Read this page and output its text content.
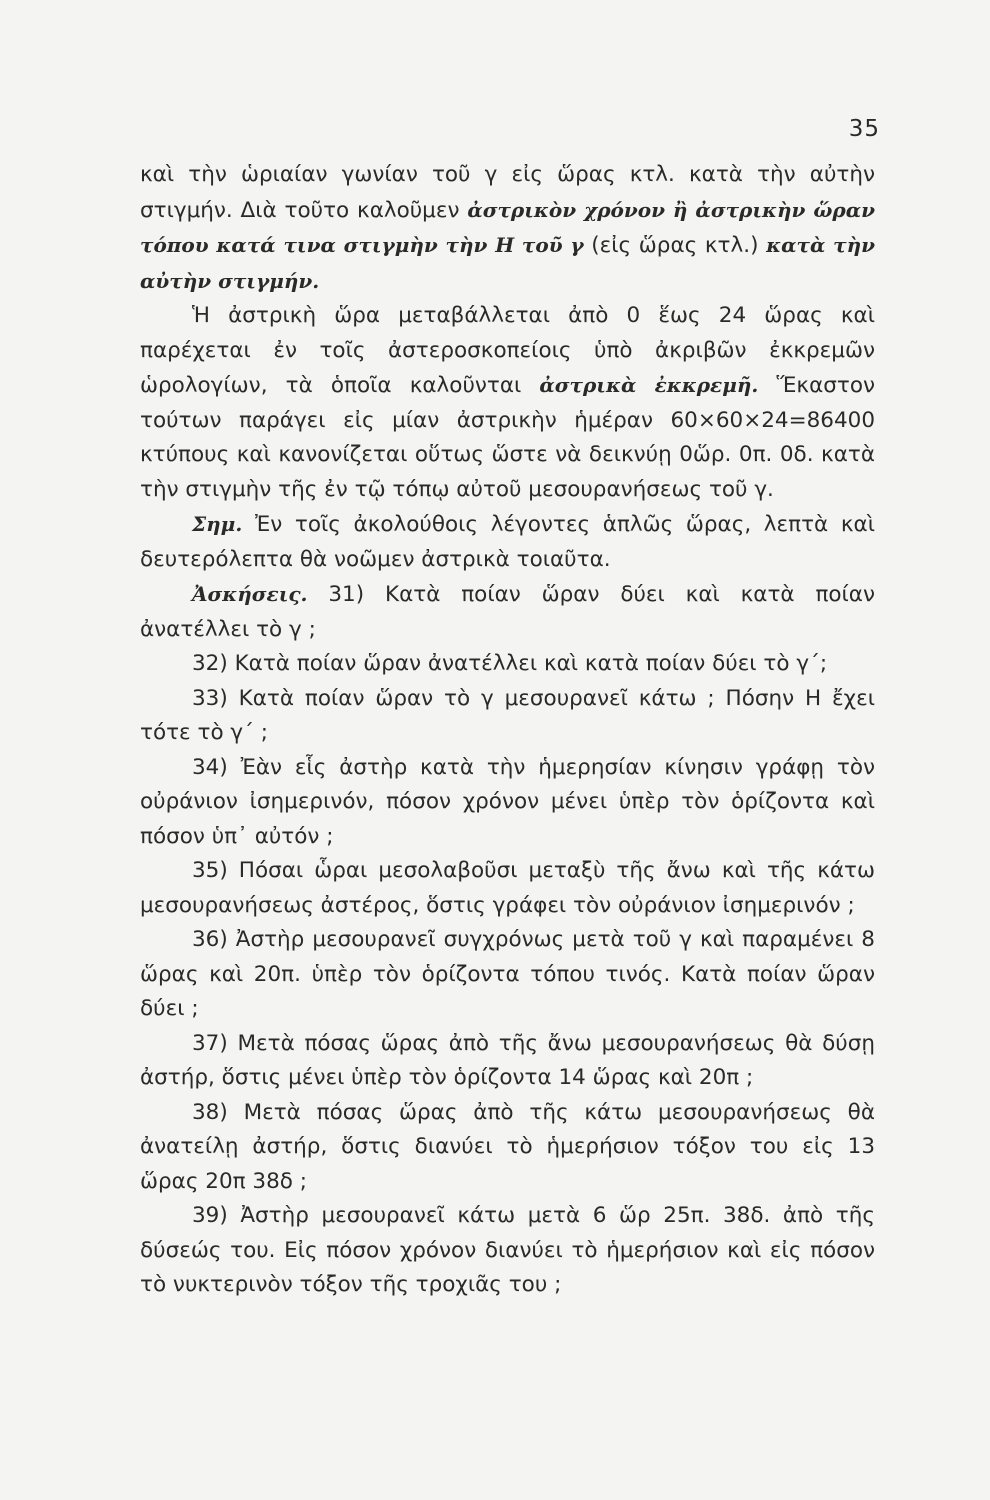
35

καὶ τὴν ὡριαίαν γωνίαν τοῦ γ εἰς ὥρας κτλ. κατὰ τὴν αὐτὴν στιγμήν. Διὰ τοῦτο καλοῦμεν ἀστρικὸν χρόνον ἢ ἀστρικὴν ὥραν τόπου κατά τινα στιγμὴν τὴν Η τοῦ γ (εἰς ὥρας κτλ.) κατὰ τὴν αὐτὴν στιγμήν.

Ἡ ἀστρικὴ ὥρα μεταβάλλεται ἀπὸ 0 ἕως 24 ὥρας καὶ παρέχεται ἐν τοῖς ἀστεροσκοπείοις ὑπὸ ἀκριβῶν ἐκκρεμῶν ὡρολογίων, τὰ ὁποῖα καλοῦνται ἀστρικὰ ἐκκρεμῆ. Ἕκαστον τούτων παράγει εἰς μίαν ἀστρικὴν ἡμέραν 60×60×24=86400 κτύπους καὶ κανονίζεται οὕτως ὥστε νὰ δεικνύῃ 0ὥρ. 0π. 0δ. κατὰ τὴν στιγμὴν τῆς ἐν τῷ τόπῳ αὐτοῦ μεσουρανήσεως τοῦ γ.

Σημ. Ἐν τοῖς ἀκολούθοις λέγοντες ἁπλῶς ὥρας, λεπτὰ καὶ δευτερόλεπτα θὰ νοῶμεν ἀστρικὰ τοιαῦτα.

Ἀσκήσεις. 31) Κατὰ ποίαν ὥραν δύει καὶ κατὰ ποίαν ἀνατέλλει τὸ γ ;

32) Κατὰ ποίαν ὥραν ἀνατέλλει καὶ κατὰ ποίαν δύει τὸ γ΄;

33) Κατὰ ποίαν ὥραν τὸ γ μεσουρανεῖ κάτω ; Πόσην Η ἔχει τότε τὸ γ΄ ;

34) Ἐὰν εἷς ἀστὴρ κατὰ τὴν ἡμερησίαν κίνησιν γράφῃ τὸν οὐράνιον ἰσημερινόν, πόσον χρόνον μένει ὑπὲρ τὸν ὁρίζοντα καὶ πόσον ὑπ᾽ αὐτόν ;

35) Πόσαι ὧραι μεσολαβοῦσι μεταξὺ τῆς ἄνω καὶ τῆς κάτω μεσουρανήσεως ἀστέρος, ὅστις γράφει τὸν οὐράνιον ἰσημερινόν ;

36) Ἀστὴρ μεσουρανεῖ συγχρόνως μετὰ τοῦ γ καὶ παραμένει 8 ὥρας καὶ 20π. ὑπὲρ τὸν ὁρίζοντα τόπου τινός. Κατὰ ποίαν ὥραν δύει ;

37) Μετὰ πόσας ὥρας ἀπὸ τῆς ἄνω μεσουρανήσεως θὰ δύσῃ ἀστήρ, ὅστις μένει ὑπὲρ τὸν ὁρίζοντα 14 ὥρας καὶ 20π ;

38) Μετὰ πόσας ὥρας ἀπὸ τῆς κάτω μεσουρανήσεως θὰ ἀνατείλῃ ἀστήρ, ὅστις διανύει τὸ ἡμερήσιον τόξον του εἰς 13 ὥρας 20π 38δ ;

39) Ἀστὴρ μεσουρανεῖ κάτω μετὰ 6 ὥρ 25π. 38δ. ἀπὸ τῆς δύσεώς του. Εἰς πόσον χρόνον διανύει τὸ ἡμερήσιον καὶ εἰς πόσον τὸ νυκτερινὸν τόξον τῆς τροχιᾶς του ;
